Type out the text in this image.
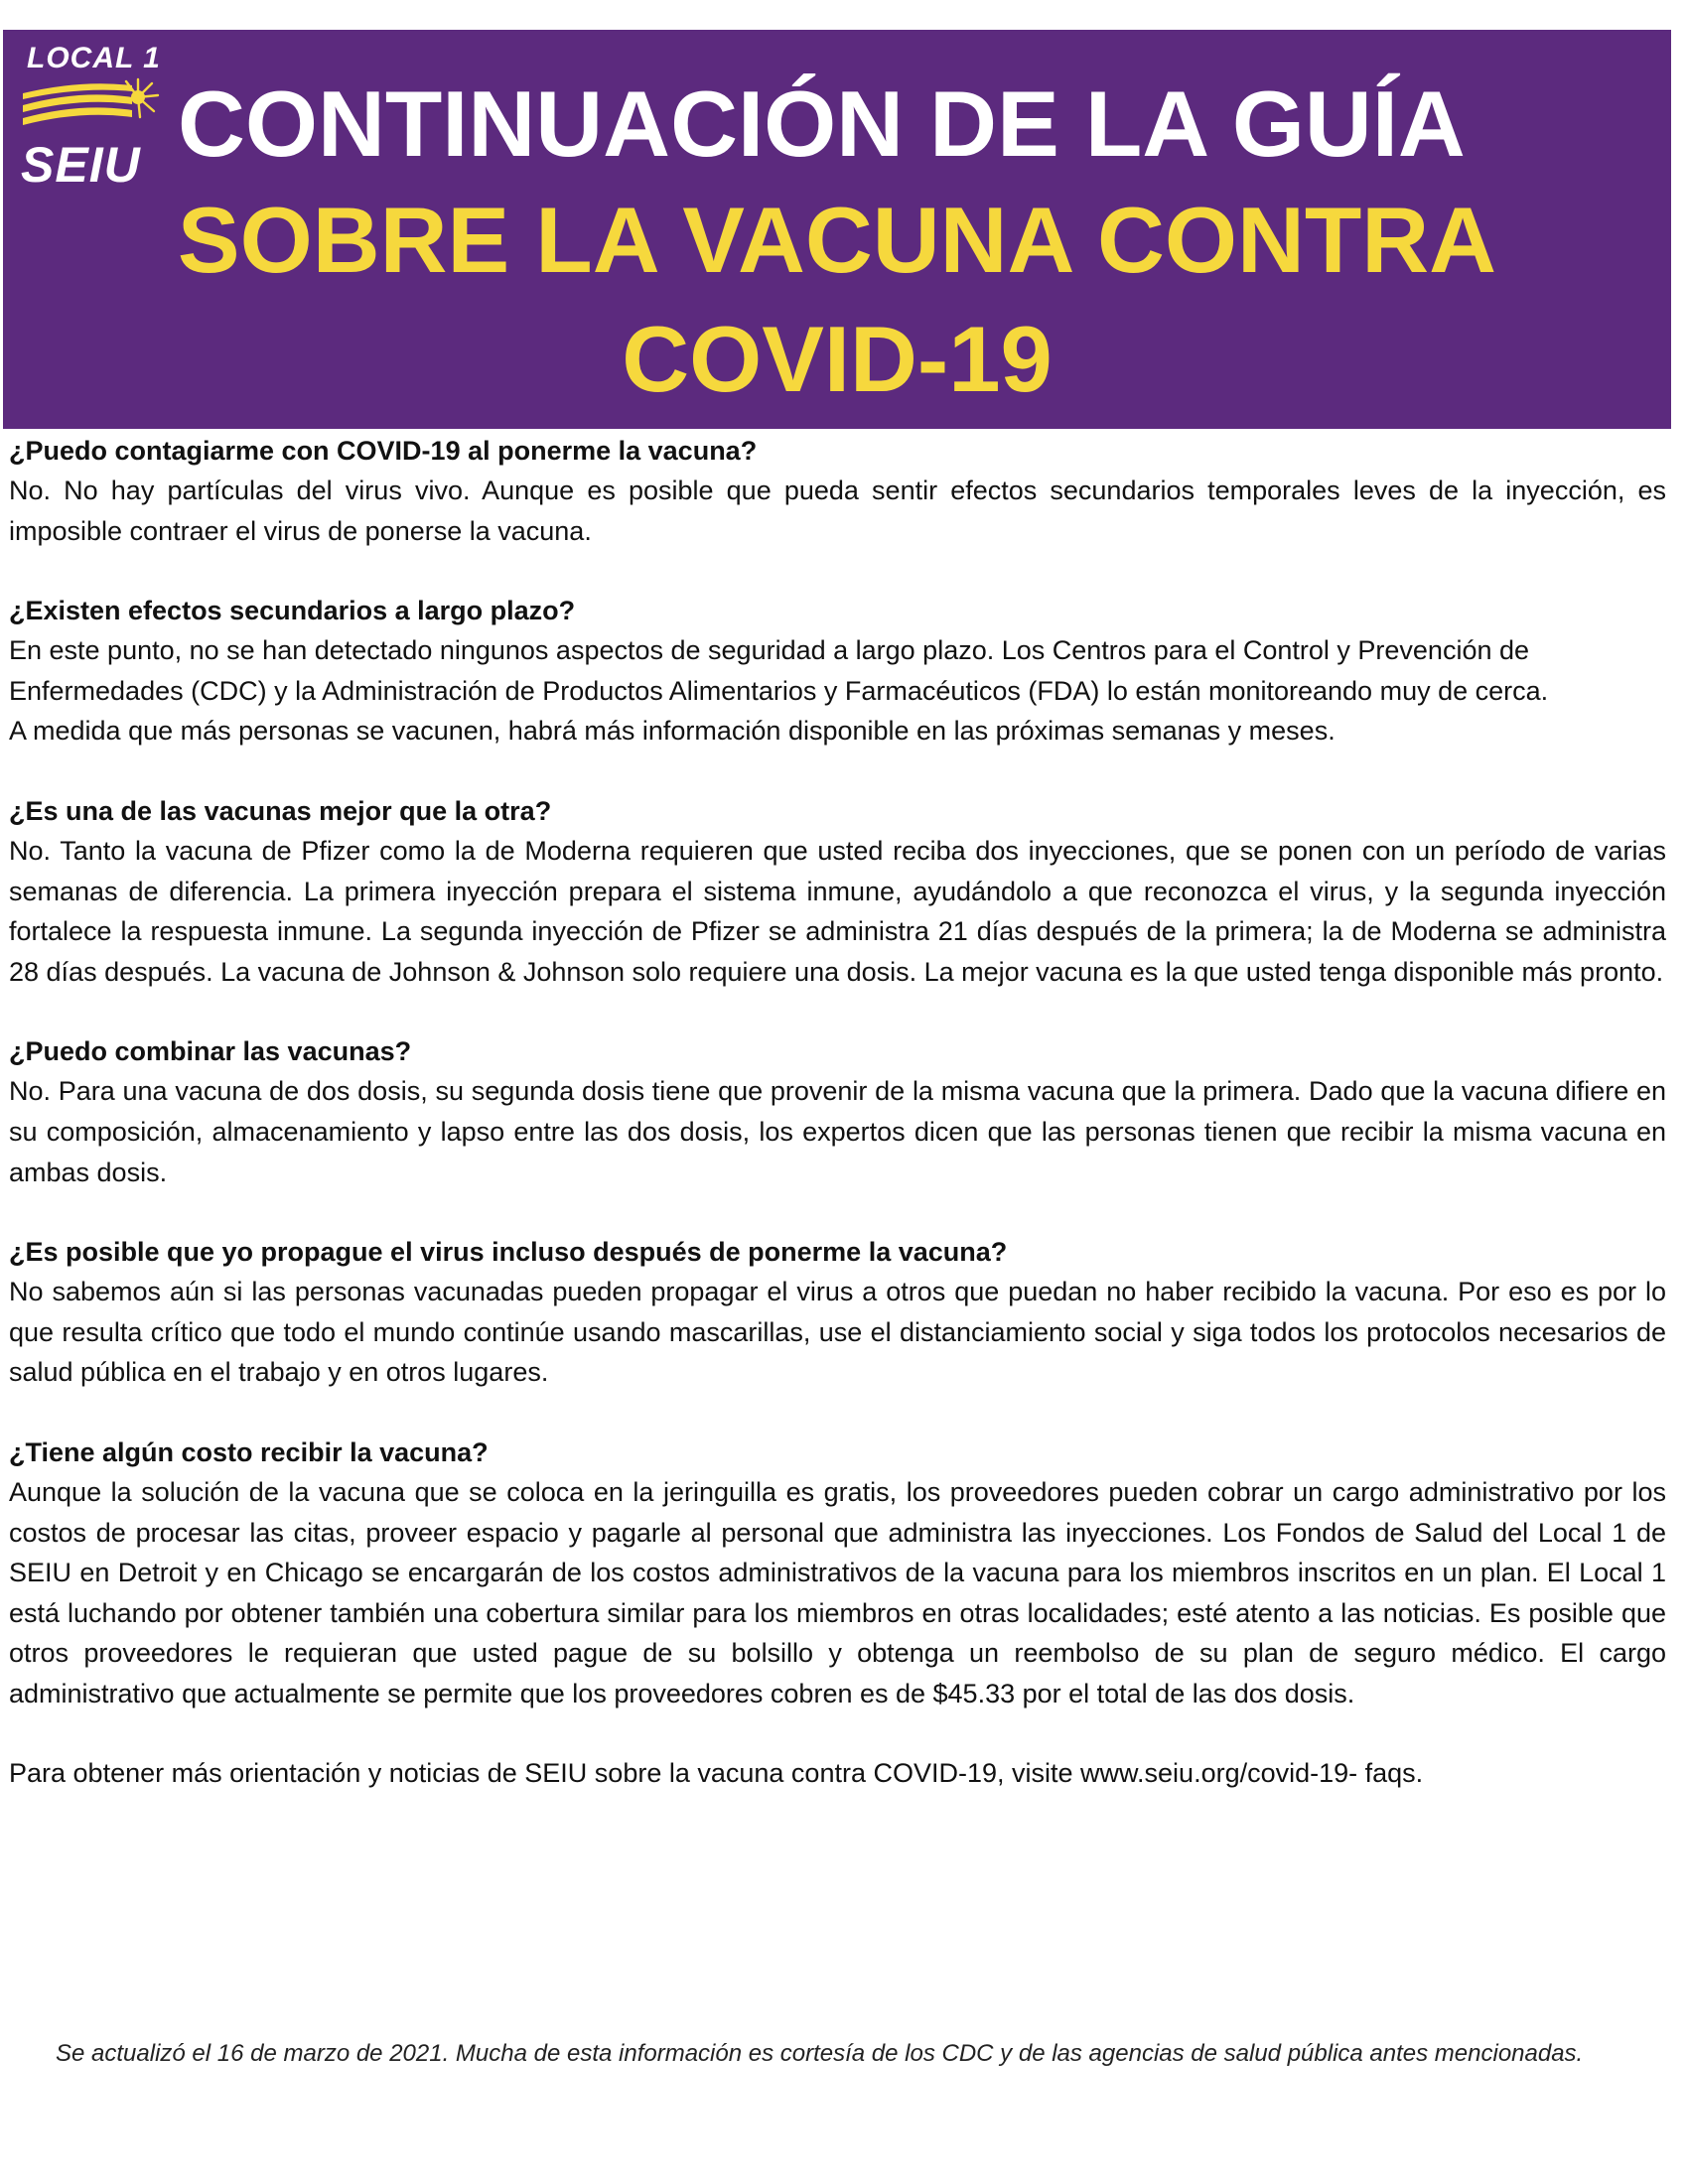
LOCAL 1
SEIU CONTINUACIÓN DE LA GUÍA
SOBRE LA VACUNA CONTRA
COVID-19
¿Puedo contagiarme con COVID-19 al ponerme la vacuna?

No. No hay partículas del virus vivo. Aunque es posible que pueda sentir efectos secundarios temporales leves de la inyección, es imposible contraer el virus de ponerse la vacuna.

¿Existen efectos secundarios a largo plazo?

En este punto, no se han detectado ningunos aspectos de seguridad a largo plazo. Los Centros para el Control y Prevención de Enfermedades (CDC) y la Administración de Productos Alimentarios y Farmacéuticos (FDA) lo están monitoreando muy de cerca.

A medida que más personas se vacunen, habrá más información disponible en las próximas semanas y meses.

¿Es una de las vacunas mejor que la otra?

No. Tanto la vacuna de Pfizer como la de Moderna requieren que usted reciba dos inyecciones, que se ponen con un período de varias semanas de diferencia. La primera inyección prepara el sistema inmune, ayudándolo a que reconozca el virus, y la segunda inyección fortalece la respuesta inmune. La segunda inyección de Pfizer se administra 21 días después de la primera; la de Moderna se administra 28 días después. La vacuna de Johnson & Johnson solo requiere una dosis. La mejor vacuna es la que usted tenga disponible más pronto.

¿Puedo combinar las vacunas?

No. Para una vacuna de dos dosis, su segunda dosis tiene que provenir de la misma vacuna que la primera. Dado que la vacuna difiere en su composición, almacenamiento y lapso entre las dos dosis, los expertos dicen que las personas tienen que recibir la misma vacuna en ambas dosis.

¿Es posible que yo propague el virus incluso después de ponerme la vacuna?

No sabemos aún si las personas vacunadas pueden propagar el virus a otros que puedan no haber recibido la vacuna. Por eso es por lo que resulta crítico que todo el mundo continúe usando mascarillas, use el distanciamiento social y siga todos los protocolos necesarios de salud pública en el trabajo y en otros lugares.

¿Tiene algún costo recibir la vacuna?

Aunque la solución de la vacuna que se coloca en la jeringuilla es gratis, los proveedores pueden cobrar un cargo administrativo por los costos de procesar las citas, proveer espacio y pagarle al personal que administra las inyecciones. Los Fondos de Salud del Local 1 de SEIU en Detroit y en Chicago se encargarán de los costos administrativos de la vacuna para los miembros inscritos en un plan. El Local 1 está luchando por obtener también una cobertura similar para los miembros en otras localidades; esté atento a las noticias. Es posible que otros proveedores le requieran que usted pague de su bolsillo y obtenga un reembolso de su plan de seguro médico. El cargo administrativo que actualmente se permite que los proveedores cobren es de $45.33 por el total de las dos dosis.

Para obtener más orientación y noticias de SEIU sobre la vacuna contra COVID-19, visite www.seiu.org/covid-19- faqs.

Se actualizó el 16 de marzo de 2021. Mucha de esta información es cortesía de los CDC y de las agencias de salud pública antes mencionadas.
